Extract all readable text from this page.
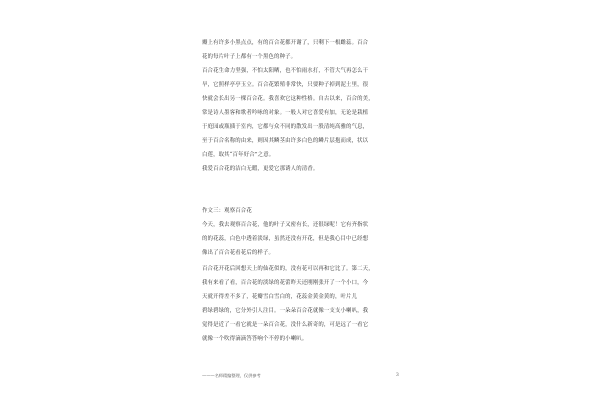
瓣上有许多小黑点点，有的百合花都开谢了，只剩下一根雌蕊。百合
花的每片叶子上都有一个黑色的种子。
百合花生命力坚强，不怕太阳晒，也不怕雨水打，不管大气再怎么干
旱，它照样亭亭玉立。百合花繁殖非常快，只要种子掉到泥土里，很
快就会长出另一棵百合花。我喜欢它这种性格。自古以来，百合的美，
常是诗人墨客和歌者吟咏的对象。一般人对它喜爱有加，无论是栽植
于庭园或瓶插于室内，它都与众不同的散发出一股清纯高雅的气息，
至于百合名称的由来，则因其鳞茎由许多白色的鳞片层抱而成，状以
白莲，取其“百年好合”之意。
我爱百合花的洁白无暇，更爱它那诱人的清香。
作文三：观察百合花
今天，我去观察百合花，他的叶子又密有长，还很绿呢！它有齐指状
的的花蕊，白色中透着淡绿，虽然还没有开花，但是我心目中已经想
像出了百合花看花后的样子。
百合花开花后回想天上的仙花似的，没有花可以再和它比了。第二天，
我有来看了看，百合花的淡绿的花蕾昨天还刚刚张开了一个小口，今
天就开得差不多了，花瓣雪白雪白的，花蕊金黄金黄的，叶片儿
碧绿碧绿的，它分外引人注目。一朵朵百合花就像一支支小喇叭，我
觉得是近了一看它就是一朵百合花，没什么新奇的，可是远了一看它
就像一个吹得滴滴答答响个不停的小喇叭。
———名师精编整理，仅供参考	3
